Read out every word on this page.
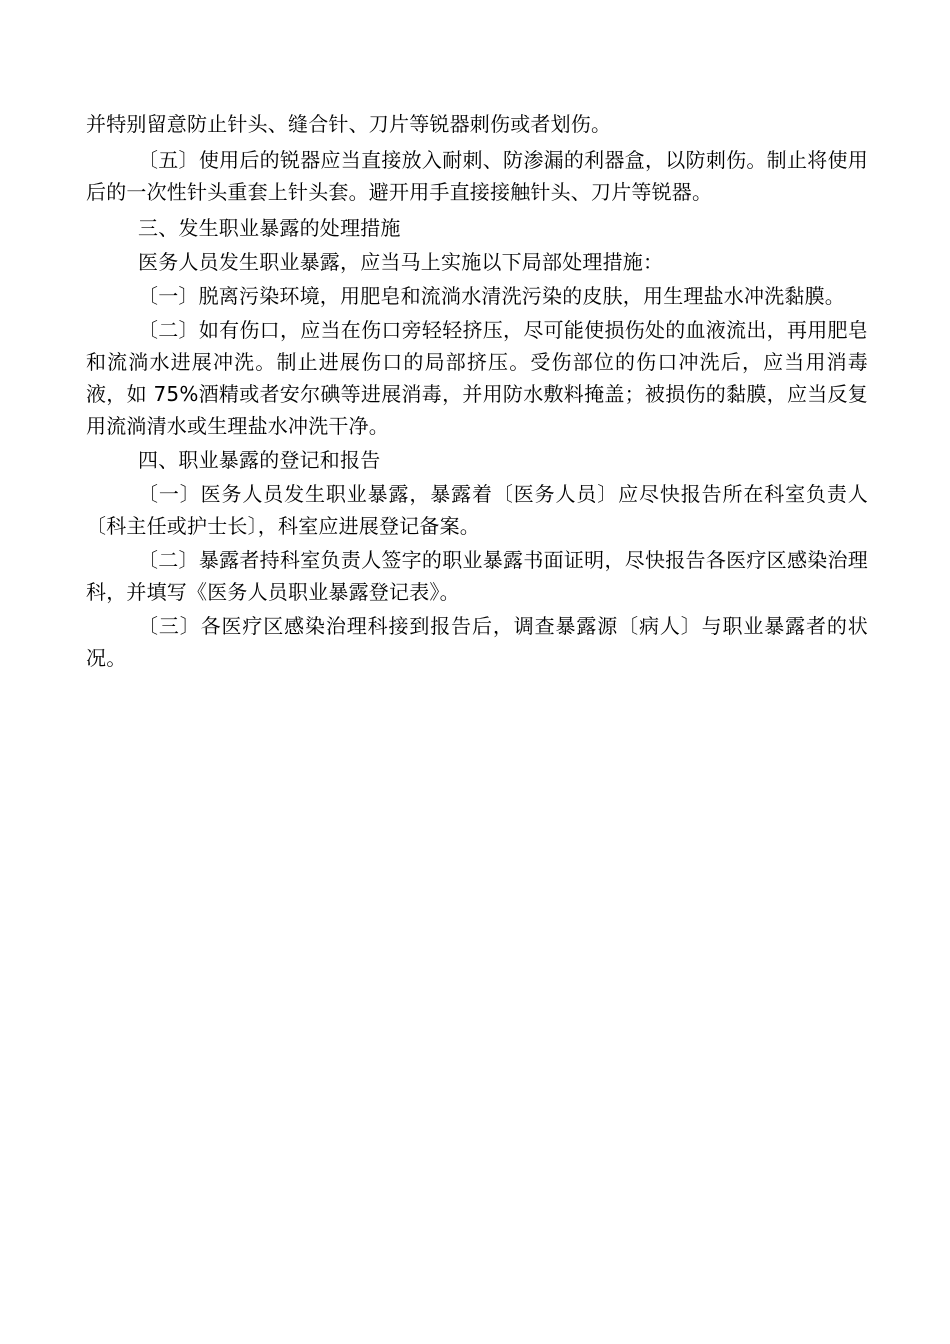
并特别留意防止针头、缝合针、刀片等锐器刺伤或者划伤。

〔五〕使用后的锐器应当直接放入耐刺、防渗漏的利器盒，以防刺伤。制止将使用后的一次性针头重套上针头套。避开用手直接接触针头、刀片等锐器。

三、发生职业暴露的处理措施

医务人员发生职业暴露，应当马上实施以下局部处理措施：

〔一〕脱离污染环境，用肥皂和流淌水清洗污染的皮肤，用生理盐水冲洗黏膜。

〔二〕如有伤口，应当在伤口旁轻轻挤压，尽可能使损伤处的血液流出，再用肥皂和流淌水进展冲洗。制止进展伤口的局部挤压。受伤部位的伤口冲洗后，应当用消毒液，如 75%酒精或者安尔碘等进展消毒，并用防水敷料掩盖；被损伤的黏膜，应当反复用流淌清水或生理盐水冲洗干净。

四、职业暴露的登记和报告

〔一〕医务人员发生职业暴露，暴露着〔医务人员〕应尽快报告所在科室负责人〔科主任或护士长〕，科室应进展登记备案。

〔二〕暴露者持科室负责人签字的职业暴露书面证明，尽快报告各医疗区感染治理科，并填写《医务人员职业暴露登记表》。

〔三〕各医疗区感染治理科接到报告后，调查暴露源〔病人〕与职业暴露者的状况。
